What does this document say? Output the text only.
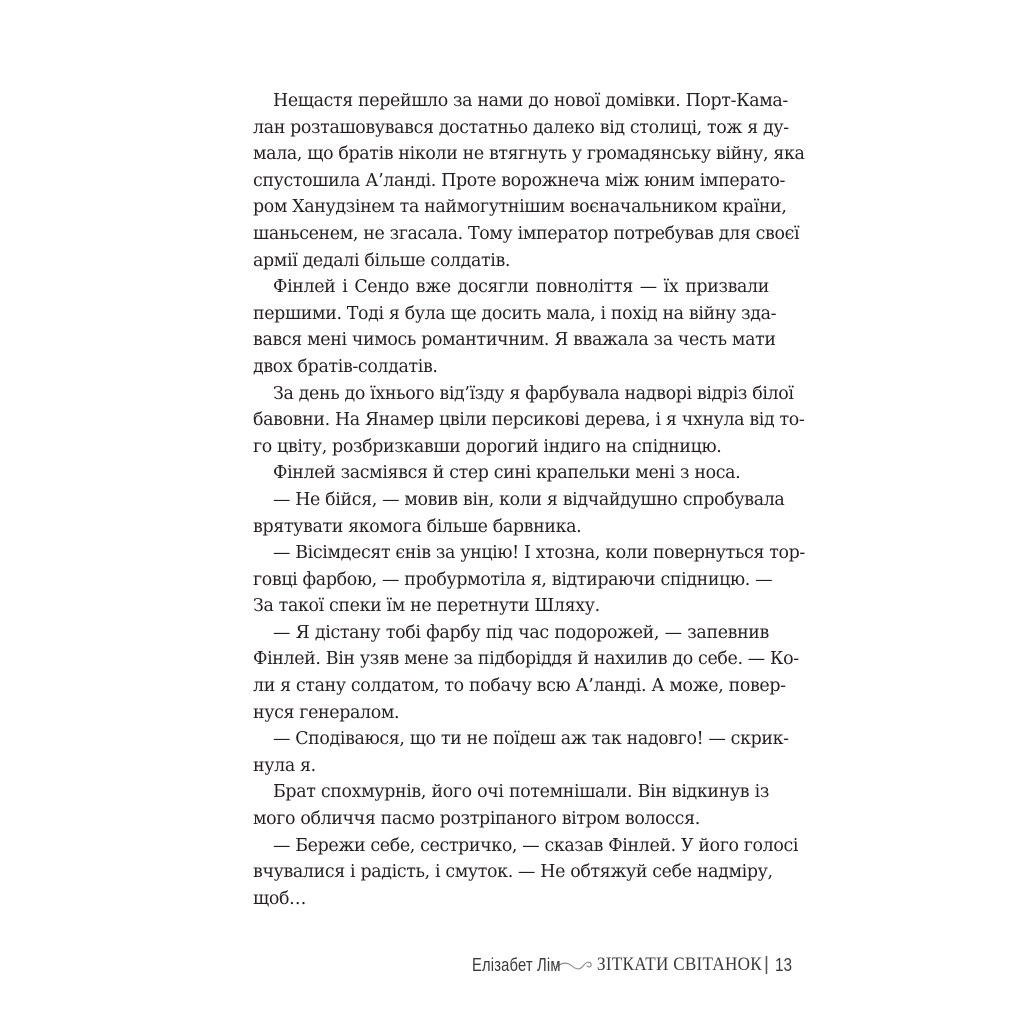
Нещастя перейшло за нами до нової домівки. Порт-Кама-
лан розташовувався достатньо далеко від столиці, тож я ду-
мала, що братів ніколи не втягнуть у громадянську війну, яка
спустошила А’ланді. Проте ворожнеча між юним імперато-
ром Ханудзінем та наймогутнішим воєначальником країни,
шаньсенем, не згасала. Тому імператор потребував для своєї
армії дедалі більше солдатів.
Фінлей і Сендо вже досягли повноліття — їх призвали
першими. Тоді я була ще досить мала, і похід на війну зда-
вався мені чимось романтичним. Я вважала за честь мати
двох братів-солдатів.
За день до їхнього від’їзду я фарбувала надворі відріз білої
бавовни. На Янамер цвіли персикові дерева, і я чхнула від то-
го цвіту, розбризкавши дорогий індиго на спідницю.
Фінлей засміявся й стер сині крапельки мені з носа.
— Не бійся, — мовив він, коли я відчайдушно спробувала
врятувати якомога більше барвника.
— Вісімдесят єнів за унцію! І хтозна, коли повернуться тор-
говці фарбою, — пробурмотіла я, відтираючи спідницю. —
За такої спеки їм не перетнути Шляху.
— Я дістану тобі фарбу під час подорожей, — запевнив
Фінлей. Він узяв мене за підборіддя й нахилив до себе. — Ко-
ли я стану солдатом, то побачу всю А’ланді. А може, повер-
нуся генералом.
— Сподіваюся, що ти не поїдеш аж так надовго! — скрик-
нула я.
Брат спохмурнів, його очі потемнішали. Він відкинув із
мого обличчя пасмо розтріпаного вітром волосся.
— Бережи себе, сестричко, — сказав Фінлей. У його голосі
вчувалися і радість, і смуток. — Не обтяжуй себе надміру,
щоб…
Елізабет Лім ЗІТКАТИ СВІТАНОК | 13
